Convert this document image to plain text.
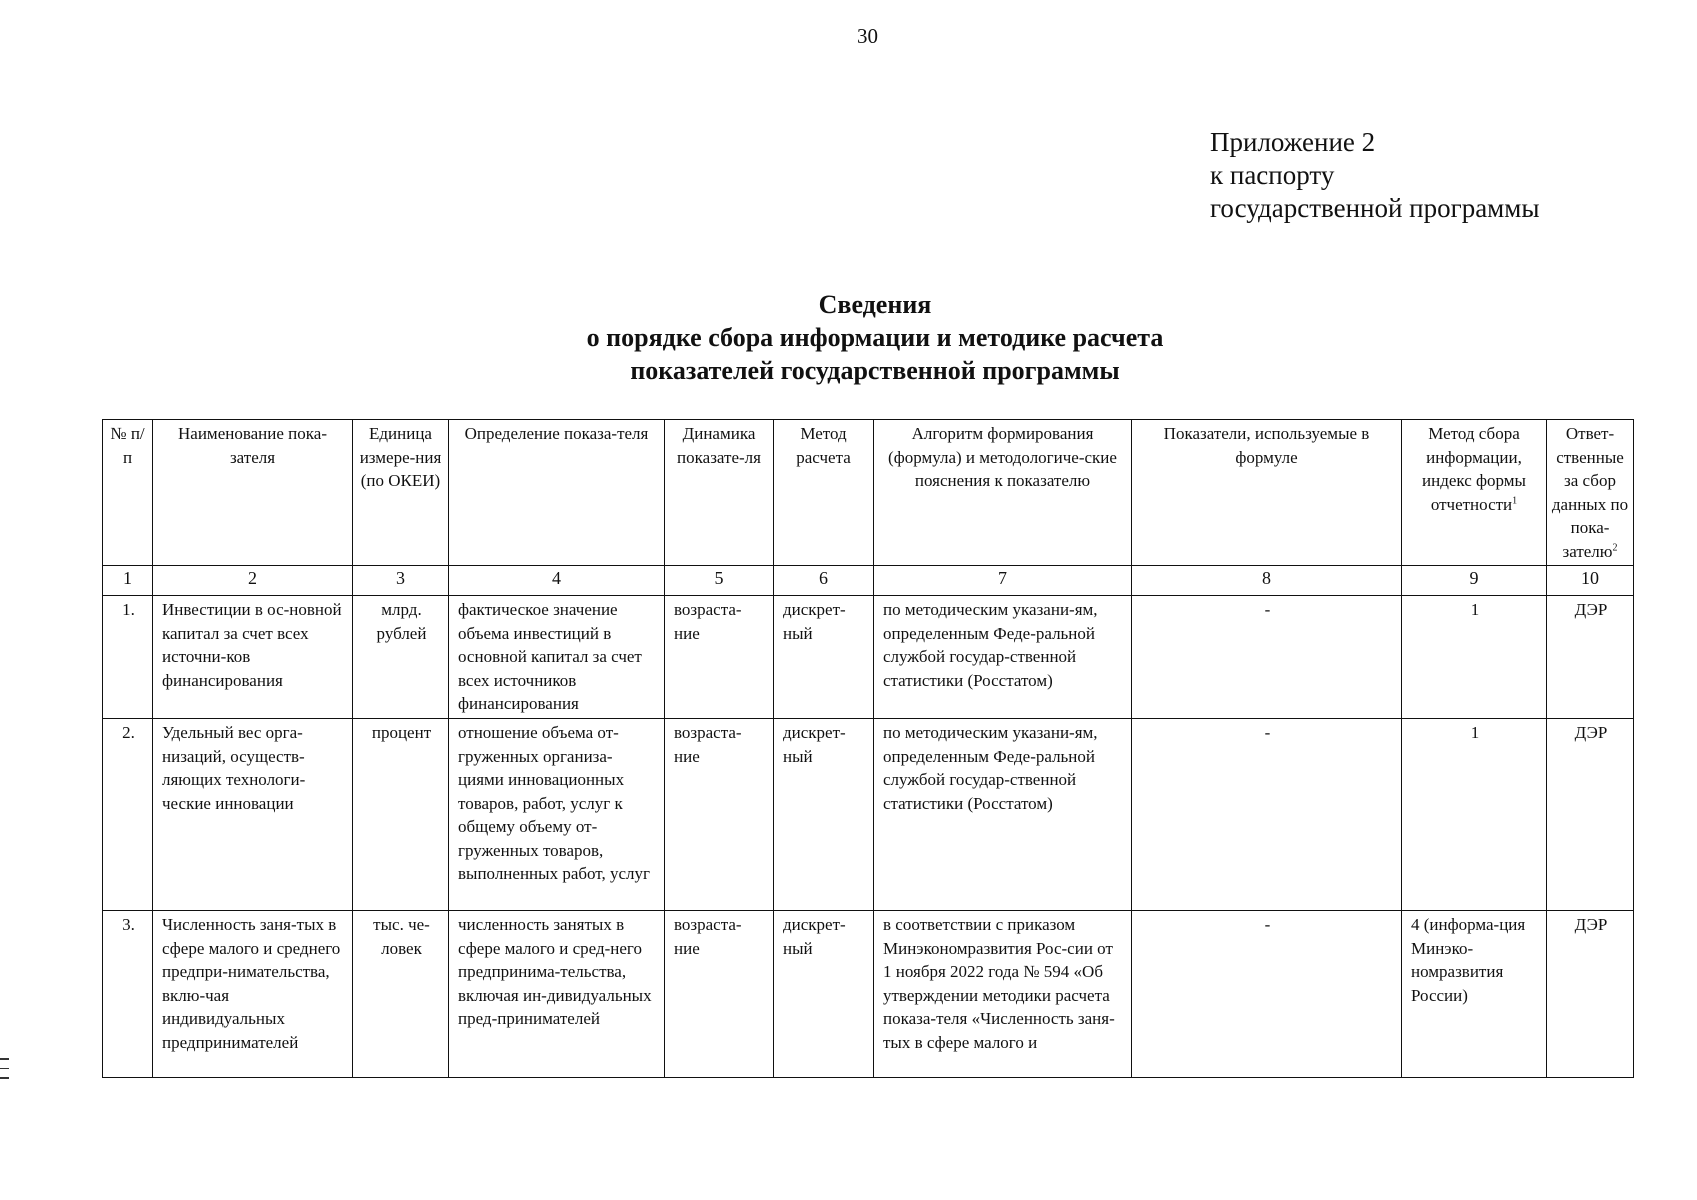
30
Приложение 2
к паспорту
государственной программы
Сведения
о порядке сбора информации и методике расчета
показателей государственной программы
№ п/п	Наименование пока-зателя	Единица измере-ния (по ОКЕИ)	Определение показа-теля	Динамика показате-ля	Метод расчета	Алгоритм формирования (формула) и методологиче-ские пояснения к показателю	Показатели, используемые в формуле	Метод сбора информации, индекс формы отчетности$^1$	Ответ-ственные за сбор данных по пока-зателю$^2$
1	2	3	4	5	6	7	8	9	10
1.	Инвестиции в ос-новной капитал за счет всех источни-ков финансирования	млрд. рублей	фактическое значение объема инвестиций в основной капитал за счет всех источников финансирования	возраста-ние	дискрет-ный	по методическим указани-ям, определенным Феде-ральной службой государ-ственной статистики (Росстатом)	-	1	ДЭР
2.	Удельный вес орга-низаций, осуществ-ляющих технологи-ческие инновации	процент	отношение объема от-груженных организа-циями инновационных товаров, работ, услуг к общему объему от-груженных товаров, выполненных работ, услуг	возраста-ние	дискрет-ный	по методическим указани-ям, определенным Феде-ральной службой государ-ственной статистики (Росстатом)	-	1	ДЭР
3.	Численность заня-тых в сфере малого и среднего предпри-нимательства, вклю-чая индивидуальных предпринимателей	тыс. че-ловек	численность занятых в сфере малого и сред-него предпринима-тельства, включая ин-дивидуальных пред-принимателей	возраста-ние	дискрет-ный	в соответствии с приказом Минэкономразвития Рос-сии от 1 ноября 2022 года № 594 «Об утверждении методики расчета показа-теля «Численность заня-тых в сфере малого и	-	4 (информа-ция Минэко-номразвития России)	ДЭР
